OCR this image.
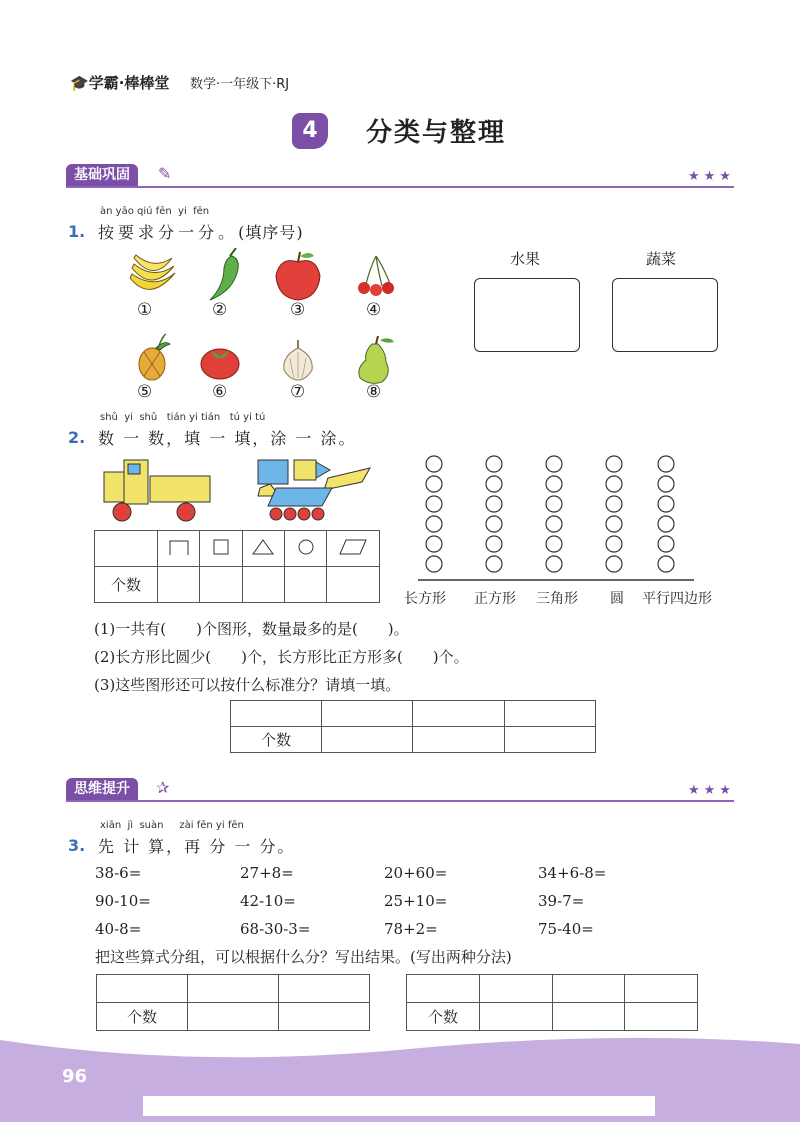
🎓学霸·棒棒堂 数学·一年级下·RJ
4	分类与整理
基础巩固	✎	★★★
àn yāo qiú fēn yi fēn
1. 按要求分一分。(填序号)
①	②	③	④
⑤	⑥	⑦	⑧
水果	蔬菜
shǔ yi shǔ tián yi tián tú yi tú
2. 数 一 数，填 一 填，涂 一 涂。

个数					
长方形 正方形 三角形 圆 平行四边形
(1)一共有(　　)个图形，数量最多的是(　　)。
(2)长方形比圆少(　　)个，长方形比正方形多(　　)个。
(3)这些图形还可以按什么标准分？请填一填。

个数			
思维提升	✰	★★★
xiān jì suàn zài fēn yi fēn
3. 先 计 算，再 分 一 分。
38-6=	27+8=	20+60=	34+6-8=
90-10=	42-10=	25+10=	39-7=
40-8=	68-30-3=	78+2=	75-40=
把这些算式分组，可以根据什么分？写出结果。(写出两种分法)

个数		
				个数			
96
